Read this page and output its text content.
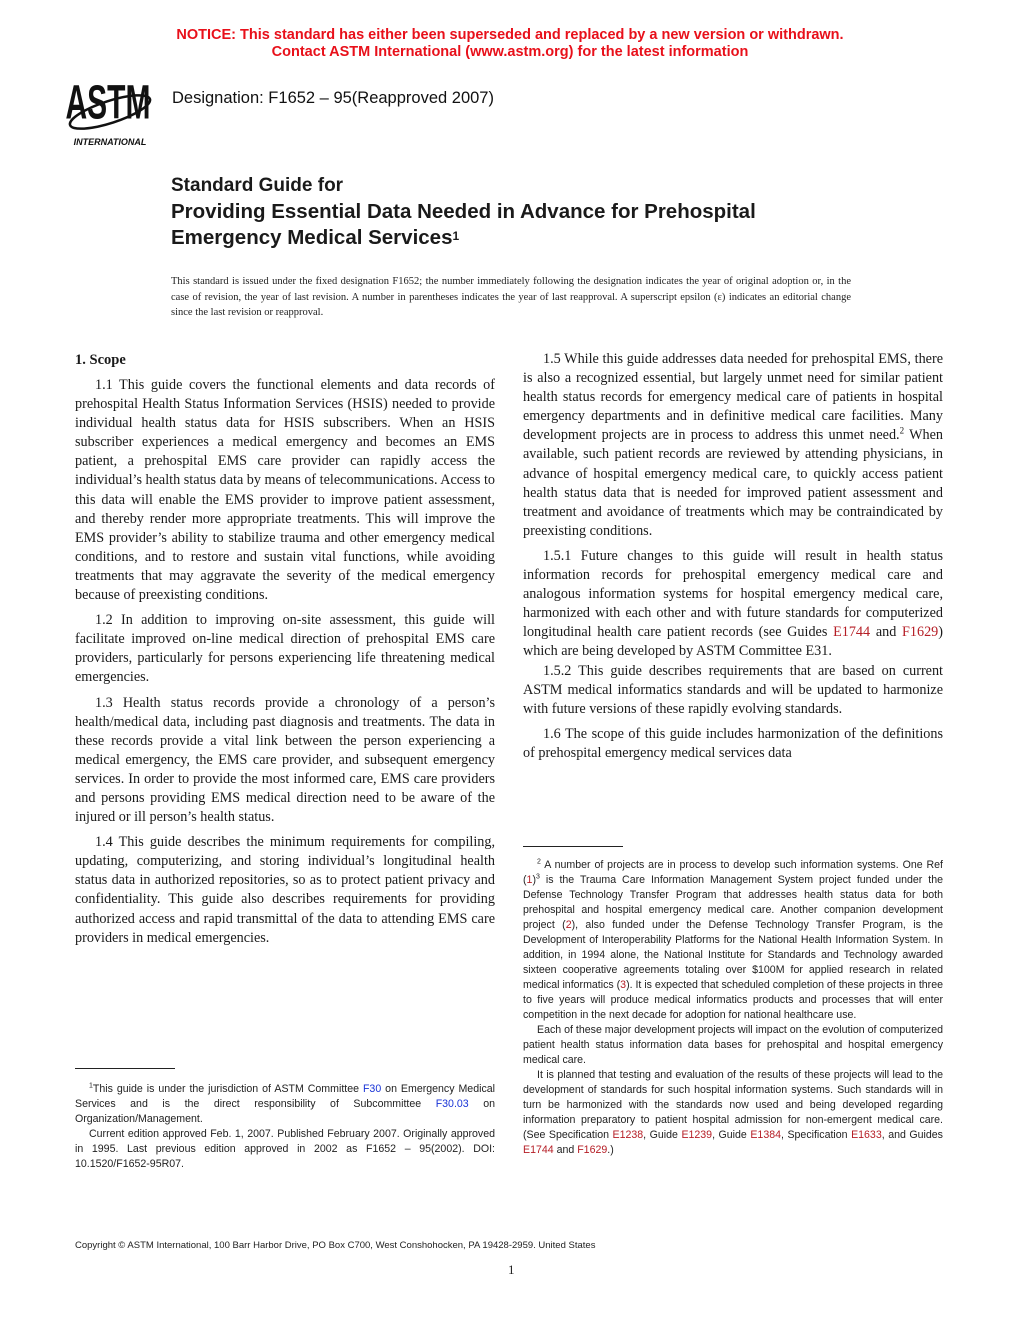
NOTICE: This standard has either been superseded and replaced by a new version or withdrawn.
Contact ASTM International (www.astm.org) for the latest information
ASTM
INTERNATIONAL
Designation: F1652 – 95(Reapproved 2007)
Standard Guide for
Providing Essential Data Needed in Advance for Prehospital
Emergency Medical Services$^1$
This standard is issued under the fixed designation F1652; the number immediately following the designation indicates the year of original adoption or, in the case of revision, the year of last revision. A number in parentheses indicates the year of last reapproval. A superscript epsilon (ε) indicates an editorial change since the last revision or reapproval.
1. Scope

1.1 This guide covers the functional elements and data records of prehospital Health Status Information Services (HSIS) needed to provide individual health status data for HSIS subscribers. When an HSIS subscriber experiences a medical emergency and becomes an EMS patient, a prehospital EMS care provider can rapidly access the individual’s health status data by means of telecommunications. Access to this data will enable the EMS provider to improve patient assessment, and thereby render more appropriate treatments. This will improve the EMS provider’s ability to stabilize trauma and other emergency medical conditions, and to restore and sustain vital functions, while avoiding treatments that may aggravate the severity of the medical emergency because of preexisting conditions.

1.2 In addition to improving on-site assessment, this guide will facilitate improved on-line medical direction of prehospital EMS care providers, particularly for persons experiencing life threatening medical emergencies.

1.3 Health status records provide a chronology of a person’s health/medical data, including past diagnosis and treatments. The data in these records provide a vital link between the person experiencing a medical emergency, the EMS care provider, and subsequent emergency services. In order to provide the most informed care, EMS care providers and persons providing EMS medical direction need to be aware of the injured or ill person’s health status.

1.4 This guide describes the minimum requirements for compiling, updating, computerizing, and storing individual’s longitudinal health status data in authorized repositories, so as to protect patient privacy and confidentiality. This guide also describes requirements for providing authorized access and rapid transmittal of the data to attending EMS care providers in medical emergencies.

1.5 While this guide addresses data needed for prehospital EMS, there is also a recognized essential, but largely unmet need for similar patient health status records for emergency medical care of patients in hospital emergency departments and in definitive medical care facilities. Many development projects are in process to address this unmet need.$^2$ When available, such patient records are reviewed by attending physicians, in advance of hospital emergency medical care, to quickly access patient health status data that is needed for improved patient assessment and treatment and avoidance of treatments which may be contraindicated by preexisting conditions.

1.5.1 Future changes to this guide will result in health status information records for prehospital emergency medical care and analogous information systems for hospital emergency medical care, harmonized with each other and with future standards for computerized longitudinal health care patient records (see Guides E1744 and F1629) which are being developed by ASTM Committee E31.

1.5.2 This guide describes requirements that are based on current ASTM medical informatics standards and will be updated to harmonize with future versions of these rapidly evolving standards.

1.6 The scope of this guide includes harmonization of the definitions of prehospital emergency medical services data

$^1$This guide is under the jurisdiction of ASTM Committee F30 on Emergency Medical Services and is the direct responsibility of Subcommittee F30.03 on Organization/Management.

Current edition approved Feb. 1, 2007. Published February 2007. Originally approved in 1995. Last previous edition approved in 2002 as F1652 – 95(2002). DOI: 10.1520/F1652-95R07.

$^2$ A number of projects are in process to develop such information systems. One Ref $(1)^3$ is the Trauma Care Information Management System project funded under the Defense Technology Transfer Program that addresses health status data for both prehospital and hospital emergency medical care. Another companion development project (2), also funded under the Defense Technology Transfer Program, is the Development of Interoperability Platforms for the National Health Information System. In addition, in 1994 alone, the National Institute for Standards and Technology awarded sixteen cooperative agreements totaling over $100M for applied research in related medical informatics (3). It is expected that scheduled completion of these projects in three to five years will produce medical informatics products and processes that will enter competition in the next decade for adoption for national healthcare use.

Each of these major development projects will impact on the evolution of computerized patient health status information data bases for prehospital and hospital emergency medical care.

It is planned that testing and evaluation of the results of these projects will lead to the development of standards for such hospital information systems. Such standards will in turn be harmonized with the standards now used and being developed regarding information preparatory to patient hospital admission for non-emergent medical care. (See Specification E1238, Guide E1239, Guide E1384, Specification E1633, and Guides E1744 and F1629.)

Copyright © ASTM International, 100 Barr Harbor Drive, PO Box C700, West Conshohocken, PA 19428-2959. United States
1
